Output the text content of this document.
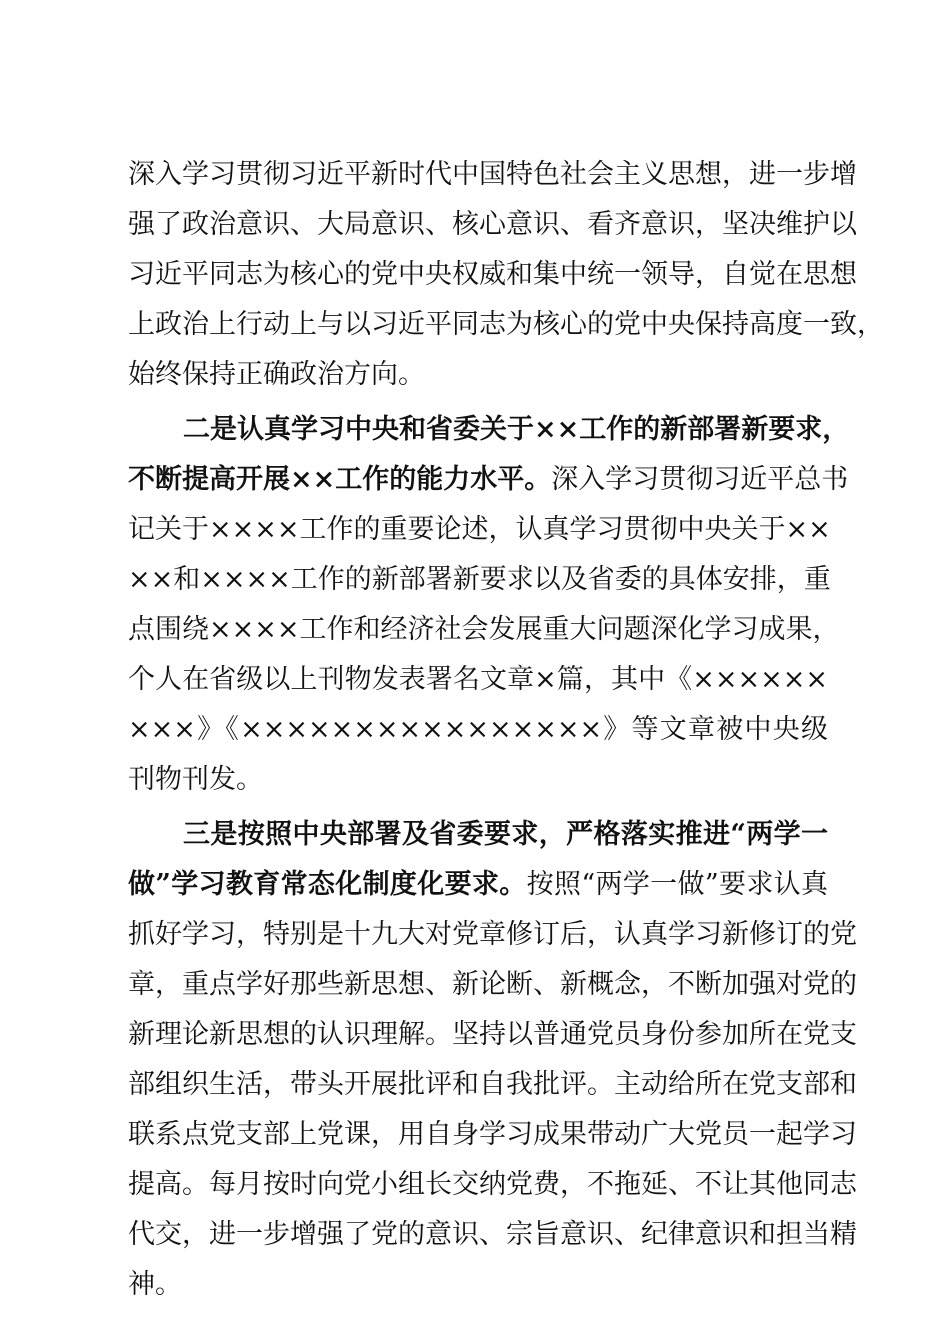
深入学习贯彻习近平新时代中国特色社会主义思想，进一步增
强了政治意识、大局意识、核心意识、看齐意识，坚决维护以
习近平同志为核心的党中央权威和集中统一领导，自觉在思想
上政治上行动上与以习近平同志为核心的党中央保持高度一致，
始终保持正确政治方向。
二是认真学习中央和省委关于××工作的新部署新要求，
不断提高开展××工作的能力水平。深入学习贯彻习近平总书
记关于××××工作的重要论述，认真学习贯彻中央关于××
××和××××工作的新部署新要求以及省委的具体安排，重
点围绕××××工作和经济社会发展重大问题深化学习成果，
个人在省级以上刊物发表署名文章×篇，其中《××××××
×××》《××××××××××××××××》等文章被中央级
刊物刊发。
三是按照中央部署及省委要求，严格落实推进“两学一
做”学习教育常态化制度化要求。按照“两学一做”要求认真
抓好学习，特别是十九大对党章修订后，认真学习新修订的党
章，重点学好那些新思想、新论断、新概念，不断加强对党的
新理论新思想的认识理解。坚持以普通党员身份参加所在党支
部组织生活，带头开展批评和自我批评。主动给所在党支部和
联系点党支部上党课，用自身学习成果带动广大党员一起学习
提高。每月按时向党小组长交纳党费，不拖延、不让其他同志
代交，进一步增强了党的意识、宗旨意识、纪律意识和担当精
神。
